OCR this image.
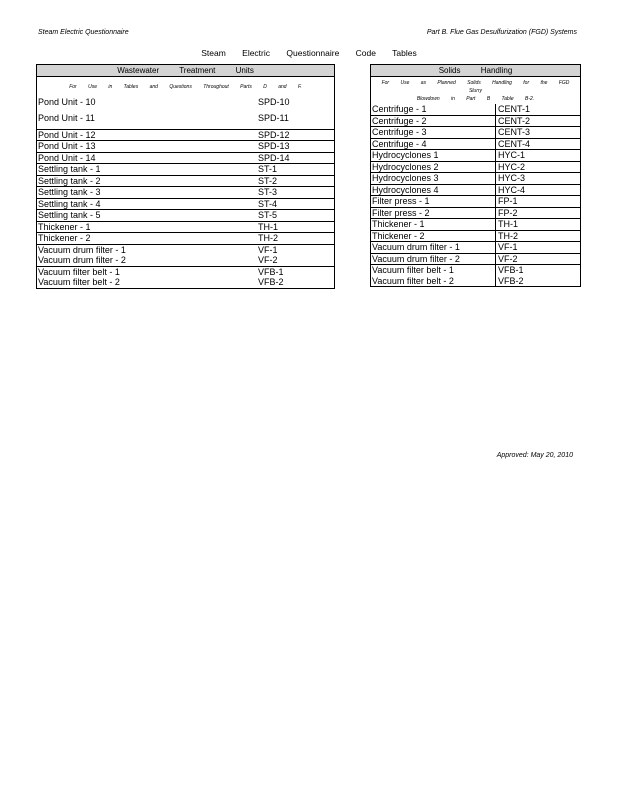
Steam Electric Questionnaire	Part B. Flue Gas Desulfurization (FGD) Systems
Steam Electric Questionnaire Code Tables
Wastewater Treatment Units
For Use in Tables and Questions Throughout Parts D and F.
Pond Unit - 10	SPD-10
Pond Unit - 11	SPD-11
Pond Unit - 12	SPD-12
Pond Unit - 13	SPD-13
Pond Unit - 14	SPD-14
Settling tank - 1	ST-1
Settling tank - 2	ST-2
Settling tank - 3	ST-3
Settling tank - 4	ST-4
Settling tank - 5	ST-5
Thickener - 1	TH-1
Thickener - 2	TH-2
Vacuum drum filter - 1	VF-1
Vacuum drum filter - 2	VF-2
Vacuum filter belt - 1	VFB-1
Vacuum filter belt - 2	VFB-2
Solids Handling
For Use as Planned Solids Handling for the FGD Slurry
Blowdown in Part B Table B-2.
Centrifuge - 1	CENT-1
Centrifuge - 2	CENT-2
Centrifuge - 3	CENT-3
Centrifuge - 4	CENT-4
Hydrocyclones 1	HYC-1
Hydrocyclones 2	HYC-2
Hydrocyclones 3	HYC-3
Hydrocyclones 4	HYC-4
Filter press - 1	FP-1
Filter press - 2	FP-2
Thickener - 1	TH-1
Thickener - 2	TH-2
Vacuum drum filter - 1	VF-1
Vacuum drum filter - 2	VF-2
Vacuum filter belt - 1	VFB-1
Vacuum filter belt - 2	VFB-2
Approved: May 20, 2010
